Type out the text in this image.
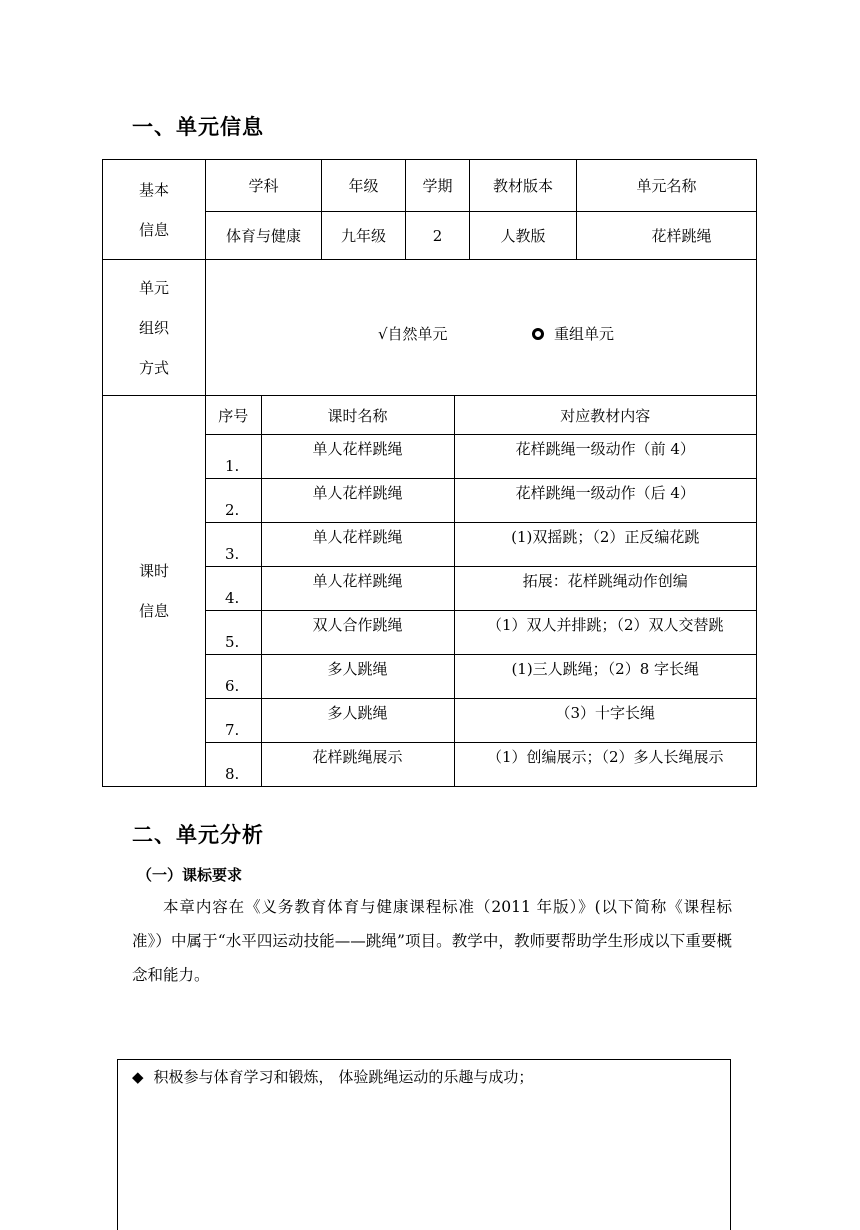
一、单元信息
基本
信息
	学科	年级	学期	教材版本	单元名称
体育与健康	九年级	2	人教版	花样跳绳

单元
组织
方式

√自然单元	重组单元

课时
信息

序号	课时名称	对应教材内容
1.	单人花样跳绳	花样跳绳一级动作（前 4）
2.	单人花样跳绳	花样跳绳一级动作（后 4）
3.	单人花样跳绳	(1)双摇跳；（2）正反编花跳
4.	单人花样跳绳	拓展：花样跳绳动作创编
5.	双人合作跳绳	（1）双人并排跳；（2）双人交替跳
6.	多人跳绳	(1)三人跳绳；（2）8 字长绳
7.	多人跳绳	（3）十字长绳
8.	花样跳绳展示	（1）创编展示；（2）多人长绳展示
二、单元分析
（一）课标要求
本章内容在《义务教育体育与健康课程标准（2011 年版）》(以下简称《课程标准》）中属于“水平四运动技能——跳绳”项目。教学中，教师要帮助学生形成以下重要概念和能力。
◆ 积极参与体育学习和锻炼， 体验跳绳运动的乐趣与成功；
